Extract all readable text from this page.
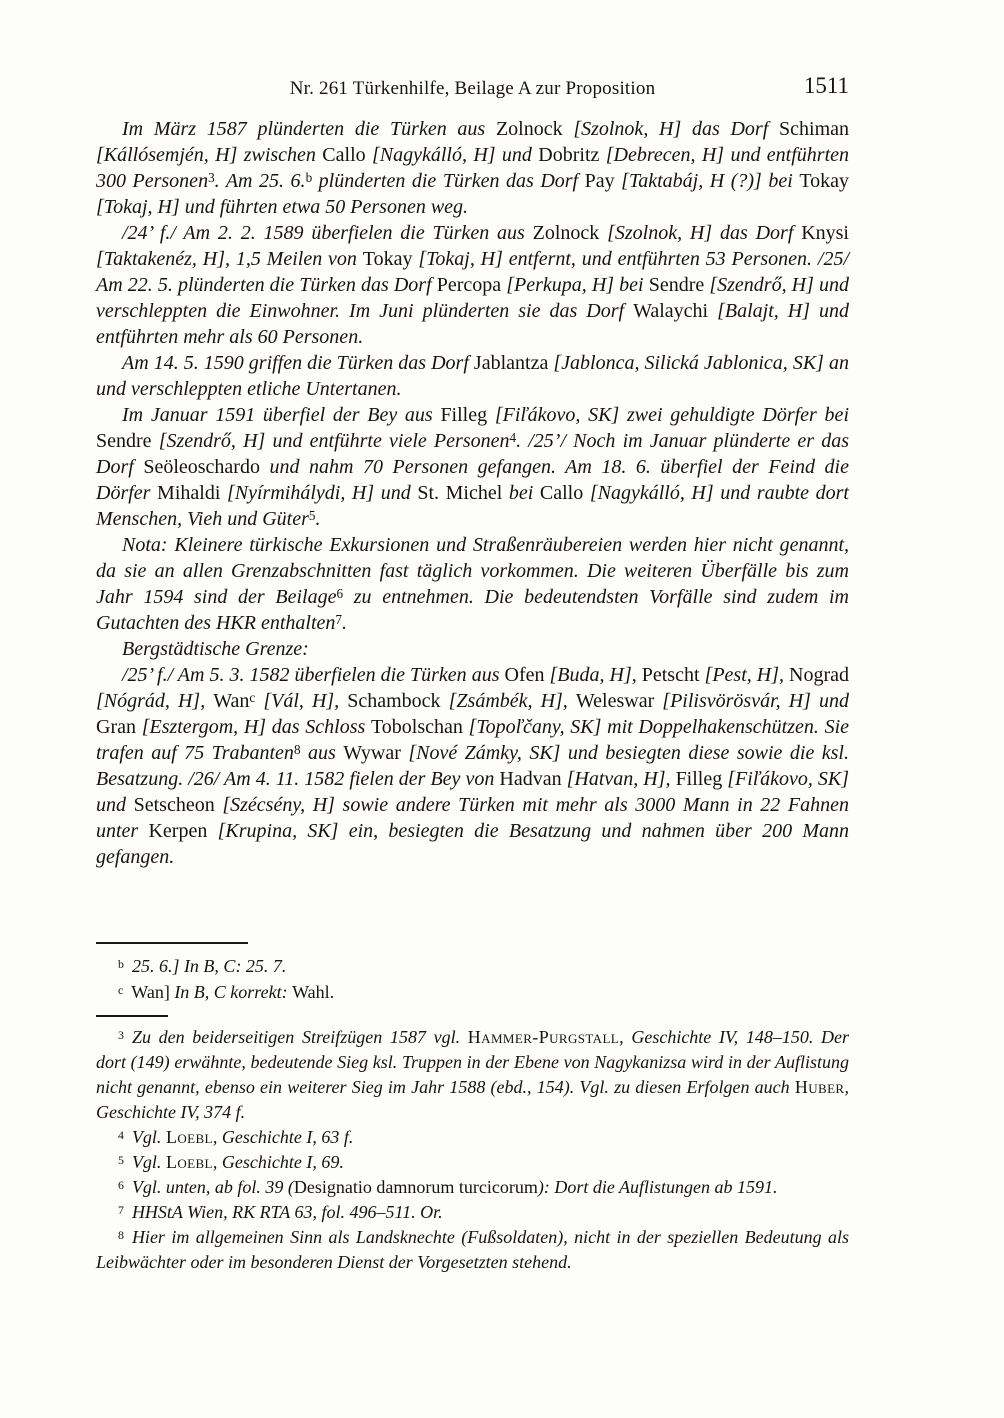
Nr. 261 Türkenhilfe, Beilage A zur Proposition	1511

Im März 1587 plünderten die Türken aus Zolnock [Szolnok, H] das Dorf Schiman [Kállósemjén, H] zwischen Callo [Nagykálló, H] und Dobritz [Debrecen, H] und entführten 300 Personen$^3$. Am 25. 6.$^b$ plünderten die Türken das Dorf Pay [Taktabáj, H (?)] bei Tokay [Tokaj, H] und führten etwa 50 Personen weg.

/24’ f./ Am 2. 2. 1589 überfielen die Türken aus Zolnock [Szolnok, H] das Dorf Knysi [Taktakenéz, H], 1,5 Meilen von Tokay [Tokaj, H] entfernt, und entführten 53 Personen. /25/ Am 22. 5. plünderten die Türken das Dorf Percopa [Perkupa, H] bei Sendre [Szendrő, H] und verschleppten die Einwohner. Im Juni plünderten sie das Dorf Walaychi [Balajt, H] und entführten mehr als 60 Personen.

Am 14. 5. 1590 griffen die Türken das Dorf Jablantza [Jablonca, Silická Jablonica, SK] an und verschleppten etliche Untertanen.

Im Januar 1591 überfiel der Bey aus Filleg [Fiľákovo, SK] zwei gehuldigte Dörfer bei Sendre [Szendrő, H] und entführte viele Personen$^4$. /25’/ Noch im Januar plünderte er das Dorf Seöleoschardo und nahm 70 Personen gefangen. Am 18. 6. überfiel der Feind die Dörfer Mihaldi [Nyírmihálydi, H] und St. Michel bei Callo [Nagykálló, H] und raubte dort Menschen, Vieh und Güter$^5$.

Nota: Kleinere türkische Exkursionen und Straßenräubereien werden hier nicht genannt, da sie an allen Grenzabschnitten fast täglich vorkommen. Die weiteren Überfälle bis zum Jahr 1594 sind der Beilage$^6$ zu entnehmen. Die bedeutendsten Vorfälle sind zudem im Gutachten des HKR enthalten$^7$.

Bergstädtische Grenze:

/25’ f./ Am 5. 3. 1582 überfielen die Türken aus Ofen [Buda, H], Petscht [Pest, H], Nograd [Nógrád, H], Wan$^c$ [Vál, H], Schambock [Zsámbék, H], Weleswar [Pilisvörösvár, H] und Gran [Esztergom, H] das Schloss Tobolschan [Topoľčany, SK] mit Doppelhakenschützen. Sie trafen auf 75 Trabanten$^8$ aus Wywar [Nové Zámky, SK] und besiegten diese sowie die ksl. Besatzung. /26/ Am 4. 11. 1582 fielen der Bey von Hadvan [Hatvan, H], Filleg [Fiľákovo, SK] und Setscheon [Szécsény, H] sowie andere Türken mit mehr als 3000 Mann in 22 Fahnen unter Kerpen [Krupina, SK] ein, besiegten die Besatzung und nahmen über 200 Mann gefangen.

$^b$ 25. 6.] In B, C: 25. 7.

$^c$ Wan] In B, C korrekt: Wahl.

$^3$ Zu den beiderseitigen Streifzügen 1587 vgl. Hammer-Purgstall, Geschichte IV, 148–150. Der dort (149) erwähnte, bedeutende Sieg ksl. Truppen in der Ebene von Nagykanizsa wird in der Auflistung nicht genannt, ebenso ein weiterer Sieg im Jahr 1588 (ebd., 154). Vgl. zu diesen Erfolgen auch Huber, Geschichte IV, 374 f.

$^4$ Vgl. Loebl, Geschichte I, 63 f.

$^5$ Vgl. Loebl, Geschichte I, 69.

$^6$ Vgl. unten, ab fol. 39 (Designatio damnorum turcicorum): Dort die Auflistungen ab 1591.

$^7$ HHStA Wien, RK RTA 63, fol. 496–511. Or.

$^8$ Hier im allgemeinen Sinn als Landsknechte (Fußsoldaten), nicht in der speziellen Bedeutung als Leibwächter oder im besonderen Dienst der Vorgesetzten stehend.
